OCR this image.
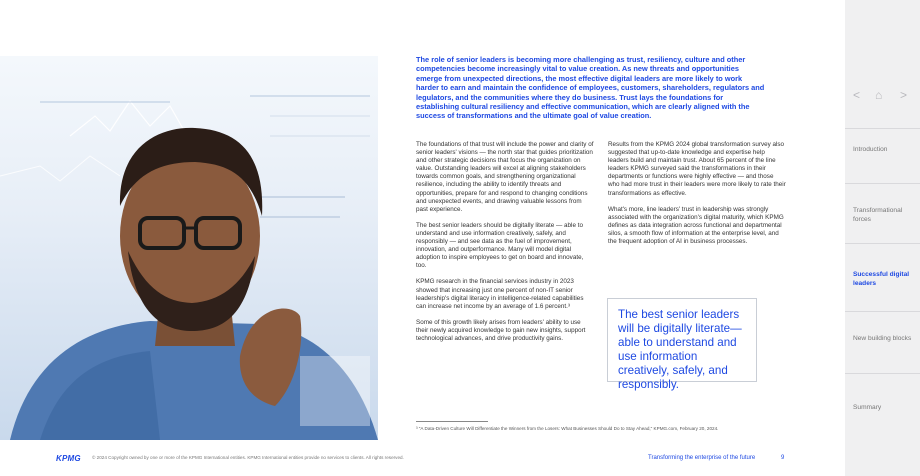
The role of senior leaders is becoming more challenging as trust, resiliency, culture and other competencies become increasingly vital to value creation. As new threats and opportunities emerge from unexpected directions, the most effective digital leaders are more likely to work harder to earn and maintain the confidence of employees, customers, shareholders, regulators and legulators, and the communities where they do business. Trust lays the foundations for establishing cultural resiliency and effective communication, which are clearly aligned with the success of transformations and the ultimate goal of value creation.

The foundations of that trust will include the power and clarity of senior leaders' visions — the north star that guides prioritization and other strategic decisions that focus the organization on value. Outstanding leaders will excel at aligning stakeholders towards common goals, and strengthening organizational resilience, including the ability to identify threats and opportunities, prepare for and respond to changing conditions and unexpected events, and drawing valuable lessons from past experience.

The best senior leaders should be digitally literate — able to understand and use information creatively, safely, and responsibly — and see data as the fuel of improvement, innovation, and outperformance. Many will model digital adoption to inspire employees to get on board and innovate, too.

KPMG research in the financial services industry in 2023 showed that increasing just one percent of non-IT senior leadership's digital literacy in intelligence-related capabilities can increase net income by an average of 1.6 percent.³

Some of this growth likely arises from leaders' ability to use their newly acquired knowledge to gain new insights, support technological advances, and drive productivity gains.

Results from the KPMG 2024 global transformation survey also suggested that up-to-date knowledge and expertise help leaders build and maintain trust. About 65 percent of the line leaders KPMG surveyed said the transformations in their departments or functions were highly effective — and those who had more trust in their leaders were more likely to rate their transformations as effective.

What's more, line leaders' trust in leadership was strongly associated with the organization's digital maturity, which KPMG defines as data integration across functional and departmental silos, a smooth flow of information at the enterprise level, and the frequent adoption of AI in business processes.

The best senior leaders will be digitally literate— able to understand and use information creatively, safely, and responsibly.
³ "A Data-Driven Culture Will Differentiate the Winners from the Losers: What Businesses Should Do to Stay Ahead," KPMG.com, February 20, 2024.
KPMG	© 2024 Copyright owned by one or more of the KPMG International entities. KPMG International entities provide no services to clients. All rights reserved.	Transforming the enterprise of the future	9
< ⌂ >
Introduction
Transformational forces
Successful digital leaders
New building blocks
Summary
